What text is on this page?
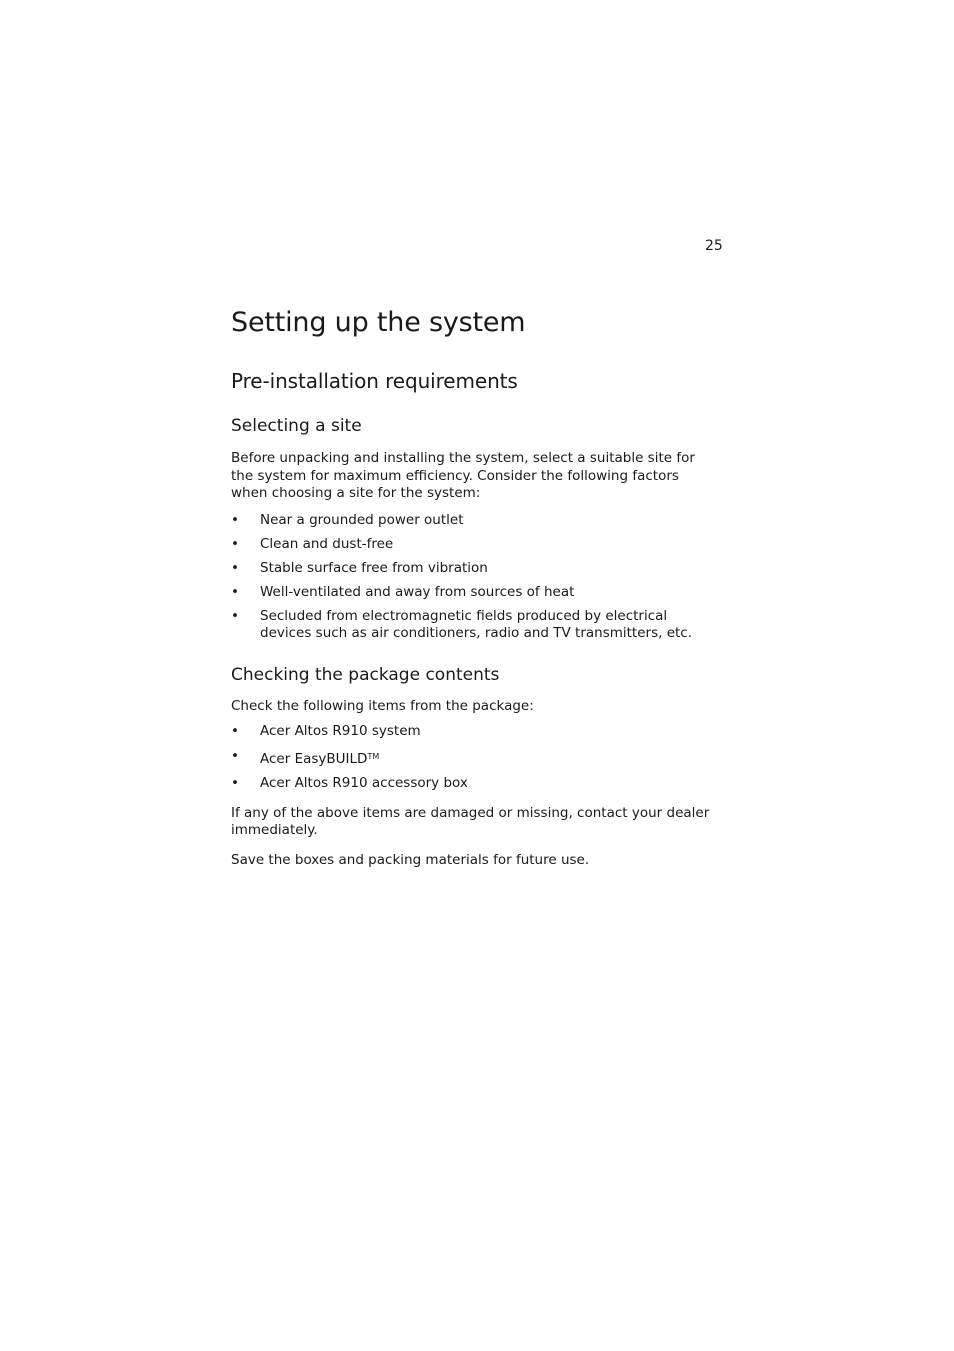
25
Setting up the system
Pre-installation requirements
Selecting a site

Before unpacking and installing the system, select a suitable site for the system for maximum efficiency. Consider the following factors when choosing a site for the system:

• Near a grounded power outlet
• Clean and dust-free
• Stable surface free from vibration
• Well-ventilated and away from sources of heat
• Secluded from electromagnetic fields produced by electrical devices such as air conditioners, radio and TV transmitters, etc.
Checking the package contents

Check the following items from the package:

• Acer Altos R910 system
• Acer EasyBUILD™
• Acer Altos R910 accessory box

If any of the above items are damaged or missing, contact your dealer immediately.

Save the boxes and packing materials for future use.
